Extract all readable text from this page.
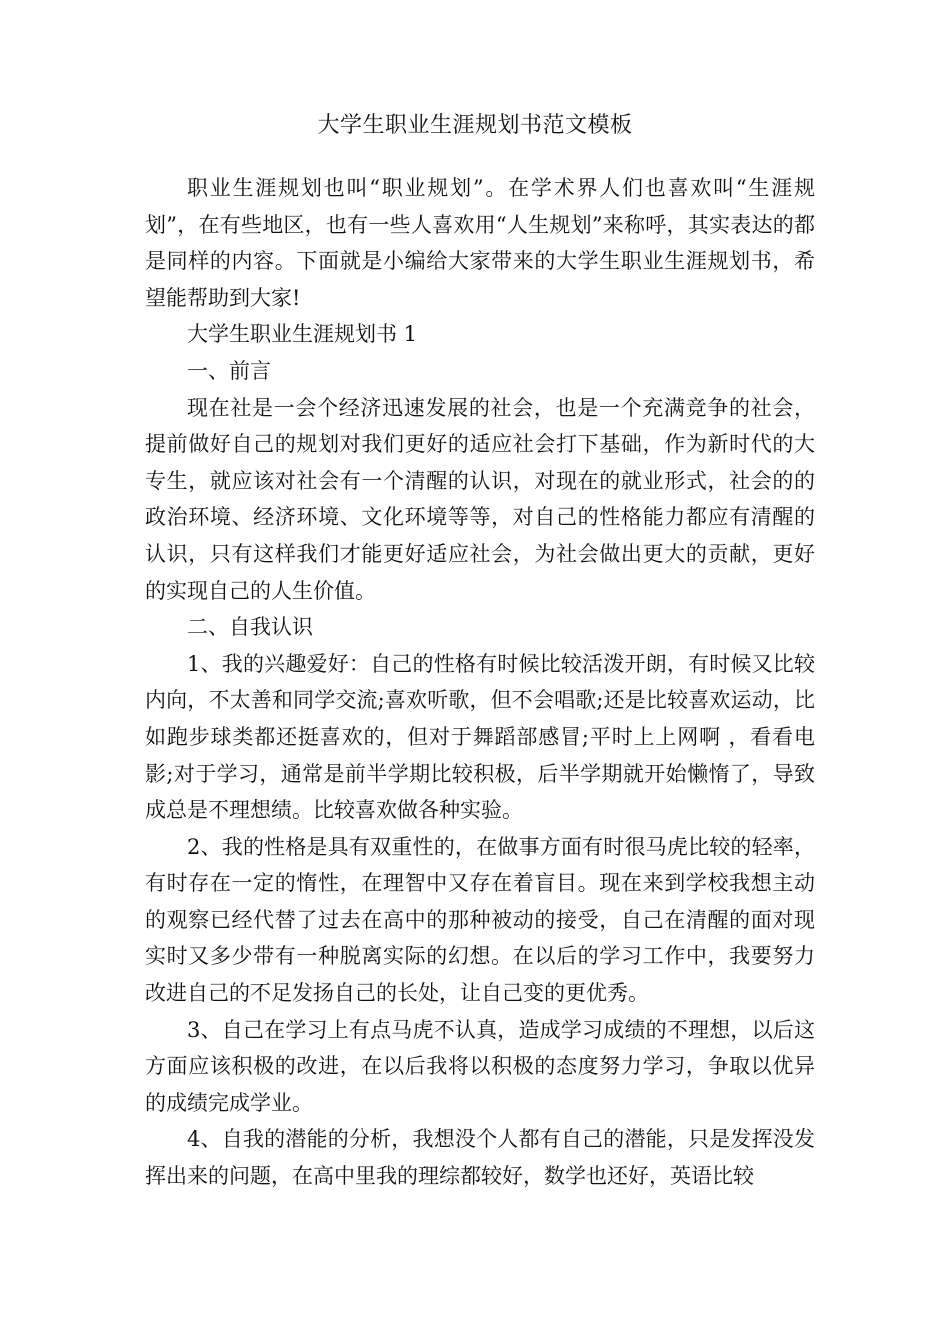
大学生职业生涯规划书范文模板

职业生涯规划也叫“职业规划”。在学术界人们也喜欢叫“生涯规划”，在有些地区，也有一些人喜欢用“人生规划”来称呼，其实表达的都是同样的内容。下面就是小编给大家带来的大学生职业生涯规划书，希望能帮助到大家!

大学生职业生涯规划书 1

一、前言

现在社是一会个经济迅速发展的社会，也是一个充满竞争的社会，提前做好自己的规划对我们更好的适应社会打下基础，作为新时代的大专生，就应该对社会有一个清醒的认识，对现在的就业形式，社会的的政治环境、经济环境、文化环境等等，对自己的性格能力都应有清醒的认识，只有这样我们才能更好适应社会，为社会做出更大的贡献，更好的实现自己的人生价值。

二、自我认识

1、我的兴趣爱好：自己的性格有时候比较活泼开朗，有时候又比较内向，不太善和同学交流;喜欢听歌，但不会唱歌;还是比较喜欢运动，比如跑步球类都还挺喜欢的，但对于舞蹈部感冒;平时上上网啊 ，看看电影;对于学习，通常是前半学期比较积极，后半学期就开始懒惰了，导致成总是不理想绩。比较喜欢做各种实验。

2、我的性格是具有双重性的，在做事方面有时很马虎比较的轻率，有时存在一定的惰性，在理智中又存在着盲目。现在来到学校我想主动的观察已经代替了过去在高中的那种被动的接受，自己在清醒的面对现实时又多少带有一种脱离实际的幻想。在以后的学习工作中，我要努力改进自己的不足发扬自己的长处，让自己变的更优秀。

3、自己在学习上有点马虎不认真，造成学习成绩的不理想，以后这方面应该积极的改进，在以后我将以积极的态度努力学习，争取以优异的成绩完成学业。

4、自我的潜能的分析，我想没个人都有自己的潜能，只是发挥没发挥出来的问题，在高中里我的理综都较好，数学也还好，英语比较
